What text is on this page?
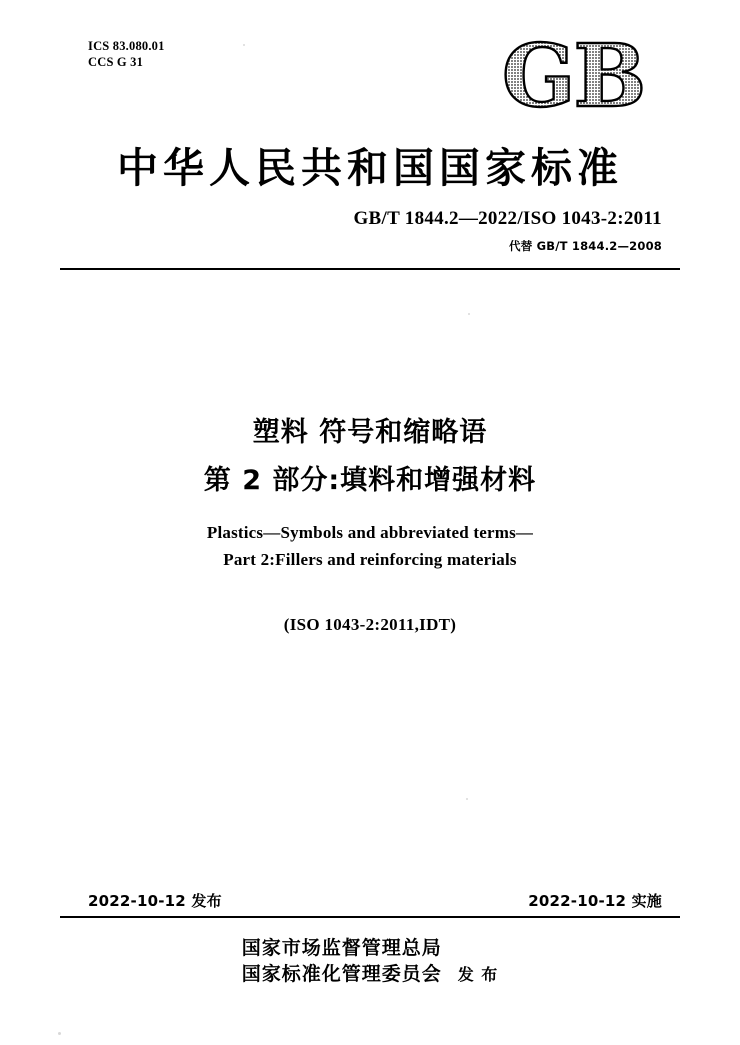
ICS 83.080.01
CCS G 31	GB
中华人民共和国国家标准
GB/T 1844.2—2022/ISO 1043-2:2011
代替 GB/T 1844.2—2008
塑料 符号和缩略语
第 2 部分:填料和增强材料
Plastics—Symbols and abbreviated terms—
Part 2:Fillers and reinforcing materials
(ISO 1043-2:2011,IDT)
2022-10-12 发布	2022-10-12 实施
国家市场监督管理总局
国家标准化管理委员会 发 布
